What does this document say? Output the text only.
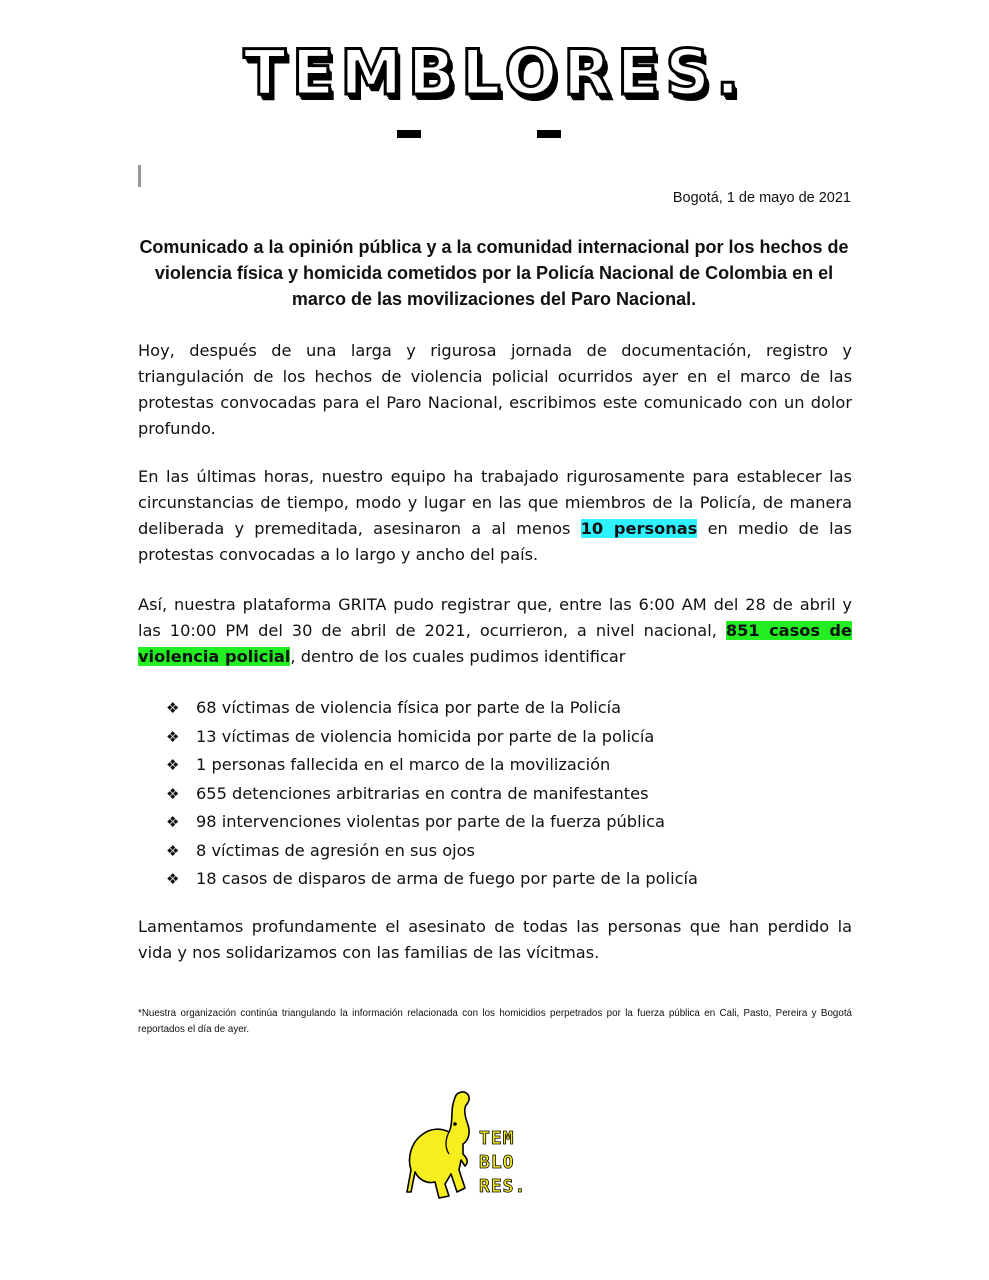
TEMBLORES.
Bogotá, 1 de mayo de 2021
Comunicado a la opinión pública y a la comunidad internacional por los hechos de violencia física y homicida cometidos por la Policía Nacional de Colombia en el marco de las movilizaciones del Paro Nacional.
Hoy, después de una larga y rigurosa jornada de documentación, registro y triangulación de los hechos de violencia policial ocurridos ayer en el marco de las protestas convocadas para el Paro Nacional, escribimos este comunicado con un dolor profundo.
En las últimas horas, nuestro equipo ha trabajado rigurosamente para establecer las circunstancias de tiempo, modo y lugar en las que miembros de la Policía, de manera deliberada y premeditada, asesinaron a al menos 10 personas en medio de las protestas convocadas a lo largo y ancho del país.
Así, nuestra plataforma GRITA pudo registrar que, entre las 6:00 AM del 28 de abril y las 10:00 PM del 30 de abril de 2021, ocurrieron, a nivel nacional, 851 casos de violencia policial, dentro de los cuales pudimos identificar
❖	68 víctimas de violencia física por parte de la Policía
❖	13 víctimas de violencia homicida por parte de la policía
❖	1 personas fallecida en el marco de la movilización
❖	655 detenciones arbitrarias en contra de manifestantes
❖	98 intervenciones violentas por parte de la fuerza pública
❖	8 víctimas de agresión en sus ojos
❖	18 casos de disparos de arma de fuego por parte de la policía
Lamentamos profundamente el asesinato de todas las personas que han perdido la vida y nos solidarizamos con las familias de las vícitmas.
*Nuestra organización continúa triangulando la información relacionada con los homicidios perpetrados por la fuerza pública en Cali, Pasto, Pereira y Bogotá reportados el día de ayer.
TEM
BLO
RES.
